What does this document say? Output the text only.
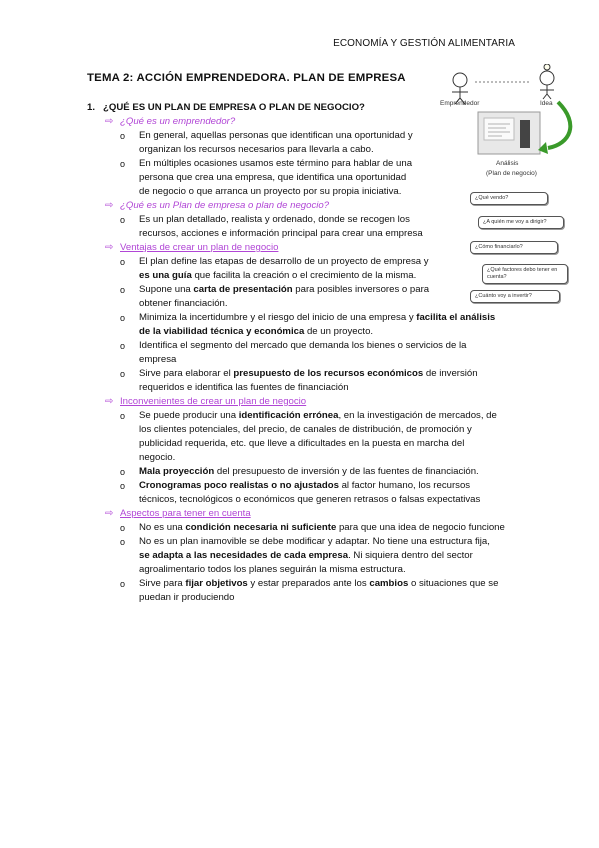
ECONOMÍA Y GESTIÓN ALIMENTARIA
TEMA 2: ACCIÓN EMPRENDEDORA. PLAN DE EMPRESA
Emprendedor	Idea
Análisis
(Plan de negocio)
¿Qué vendo?
¿A quién me voy a dirigir?
¿Cómo financiarlo?
¿Qué factores debo tener en cuenta?
¿Cuánto voy a invertir?
1. ¿QUÉ ES UN PLAN DE EMPRESA O PLAN DE NEGOCIO?
⇨ ¿Qué es un emprendedor?
o En general, aquellas personas que identifican una oportunidad y
organizan los recursos necesarios para llevarla a cabo.
o En múltiples ocasiones usamos este término para hablar de una
persona que crea una empresa, que identifica una oportunidad
de negocio o que arranca un proyecto por su propia iniciativa.
⇨ ¿Qué es un Plan de empresa o plan de negocio?
o Es un plan detallado, realista y ordenado, donde se recogen los
recursos, acciones e información principal para crear una empresa
⇨ Ventajas de crear un plan de negocio
o El plan define las etapas de desarrollo de un proyecto de empresa y
es una guía que facilita la creación o el crecimiento de la misma.
o Supone una carta de presentación para posibles inversores o para
obtener financiación.
o Minimiza la incertidumbre y el riesgo del inicio de una empresa y facilita el análisis
de la viabilidad técnica y económica de un proyecto.
o Identifica el segmento del mercado que demanda los bienes o servicios de la
empresa
o Sirve para elaborar el presupuesto de los recursos económicos de inversión
requeridos e identifica las fuentes de financiación
⇨ Inconvenientes de crear un plan de negocio
o Se puede producir una identificación errónea, en la investigación de mercados, de
los clientes potenciales, del precio, de canales de distribución, de promoción y
publicidad requerida, etc. que lleve a dificultades en la puesta en marcha del
negocio.
o Mala proyección del presupuesto de inversión y de las fuentes de financiación.
o Cronogramas poco realistas o no ajustados al factor humano, los recursos
técnicos, tecnológicos o económicos que generen retrasos o falsas expectativas
⇨ Aspectos para tener en cuenta
o No es una condición necesaria ni suficiente para que una idea de negocio funcione
o No es un plan inamovible se debe modificar y adaptar. No tiene una estructura fija,
se adapta a las necesidades de cada empresa. Ni siquiera dentro del sector
agroalimentario todos los planes seguirán la misma estructura.
o Sirve para fijar objetivos y estar preparados ante los cambios o situaciones que se
puedan ir produciendo
